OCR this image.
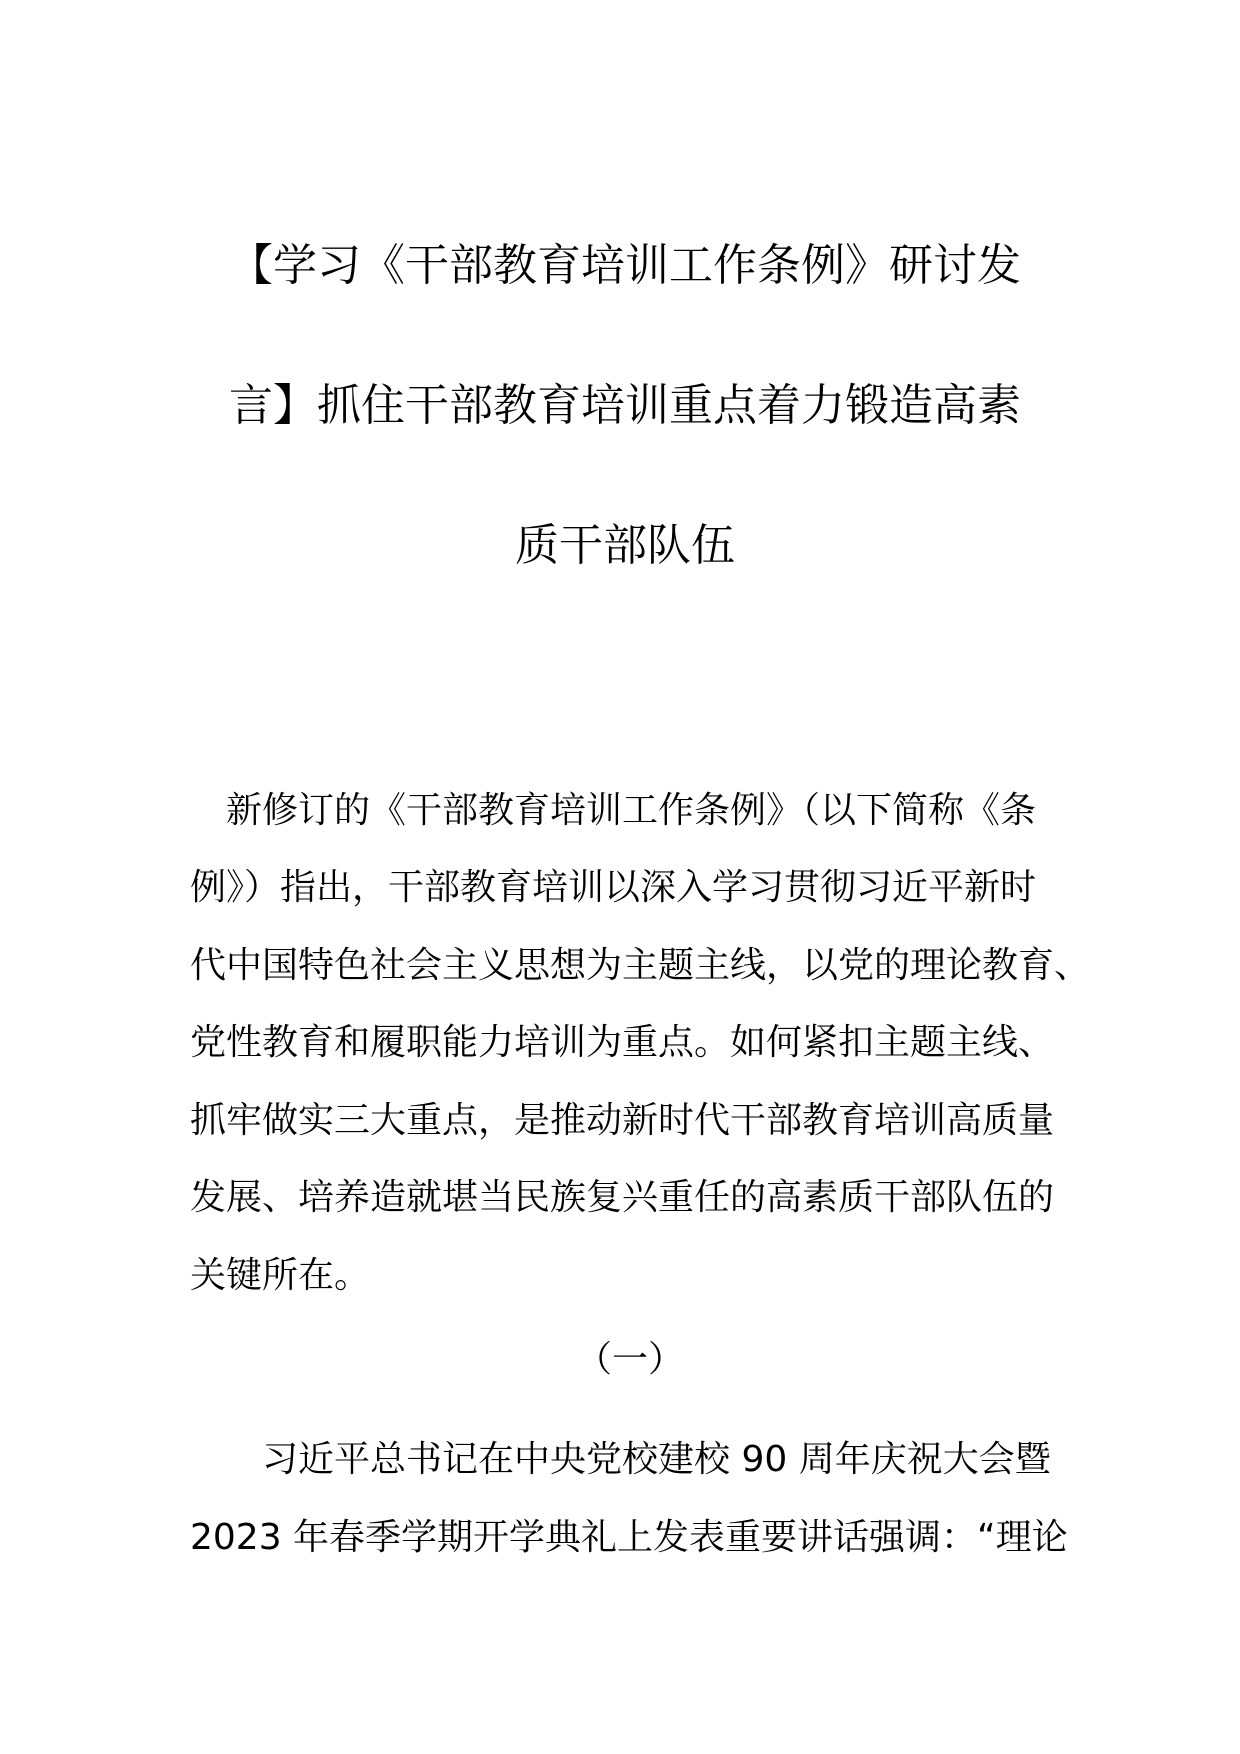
【学习《干部教育培训工作条例》研讨发
言】抓住干部教育培训重点着力锻造高素
质干部队伍
新修订的《干部教育培训工作条例》（以下简称《条
例》）指出，干部教育培训以深入学习贯彻习近平新时
代中国特色社会主义思想为主题主线，以党的理论教育、
党性教育和履职能力培训为重点。如何紧扣主题主线、
抓牢做实三大重点，是推动新时代干部教育培训高质量
发展、培养造就堪当民族复兴重任的高素质干部队伍的
关键所在。
（一）
习近平总书记在中央党校建校 90 周年庆祝大会暨
2023 年春季学期开学典礼上发表重要讲话强调：“理论
